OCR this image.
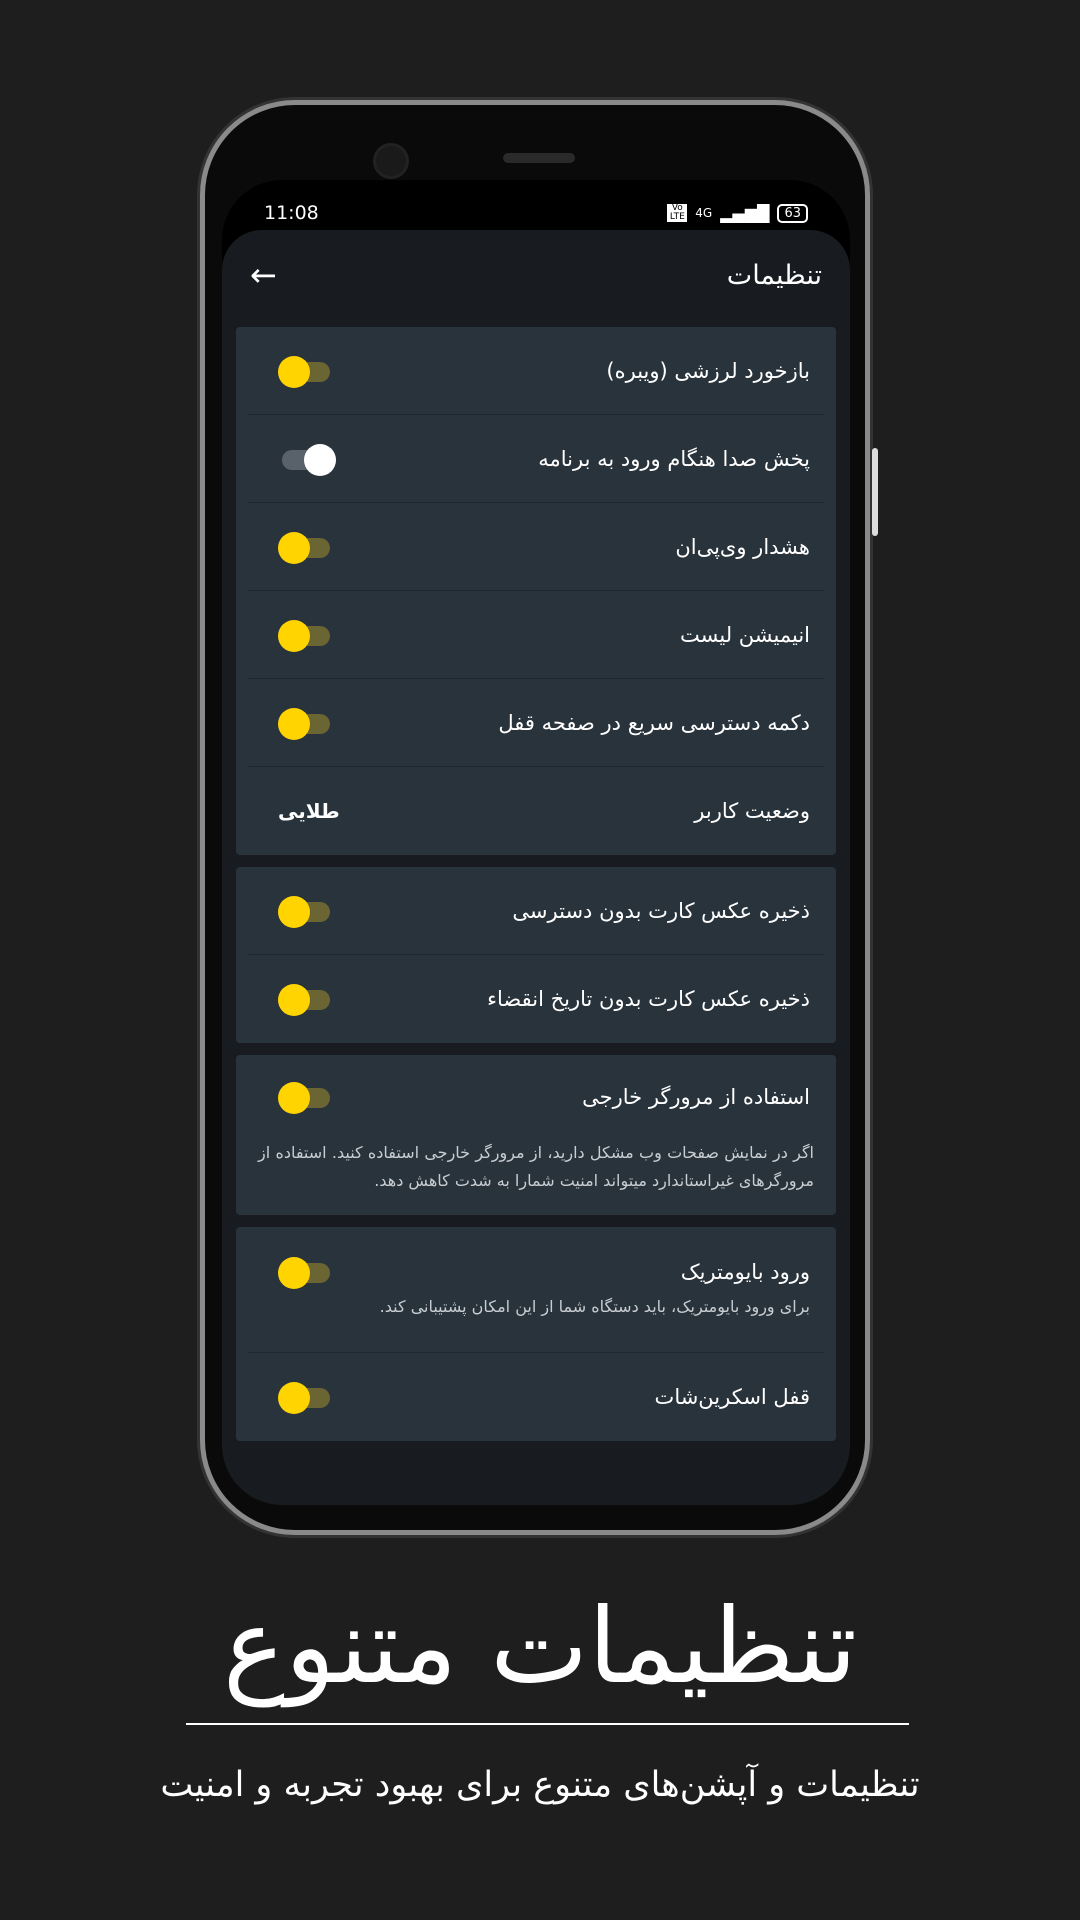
11:08	Vo LTE 4G ▂▄▆█	63
←	تنظیمات
بازخورد لرزشی (ویبره)
پخش صدا هنگام ورود به برنامه
هشدار وی‌پی‌ان
انیمیشن لیست
دکمه دسترسی سریع در صفحه قفل
وضعیت کاربر
طلایی
ذخیره عکس کارت بدون دسترسی
ذخیره عکس کارت بدون تاریخ انقضاء
استفاده از مرورگر خارجی
اگر در نمایش صفحات وب مشکل دارید، از مرورگر خارجی استفاده کنید. استفاده از مرورگرهای غیراستاندارد میتواند امنیت شمارا به شدت کاهش دهد.
ورود بایومتریک
برای ورود بایومتریک، باید دستگاه شما از این امکان پشتیبانی کند.
قفل اسکرین‌شات
تنظیمات متنوع
تنظیمات و آپشن‌های متنوع برای بهبود تجربه و امنیت
